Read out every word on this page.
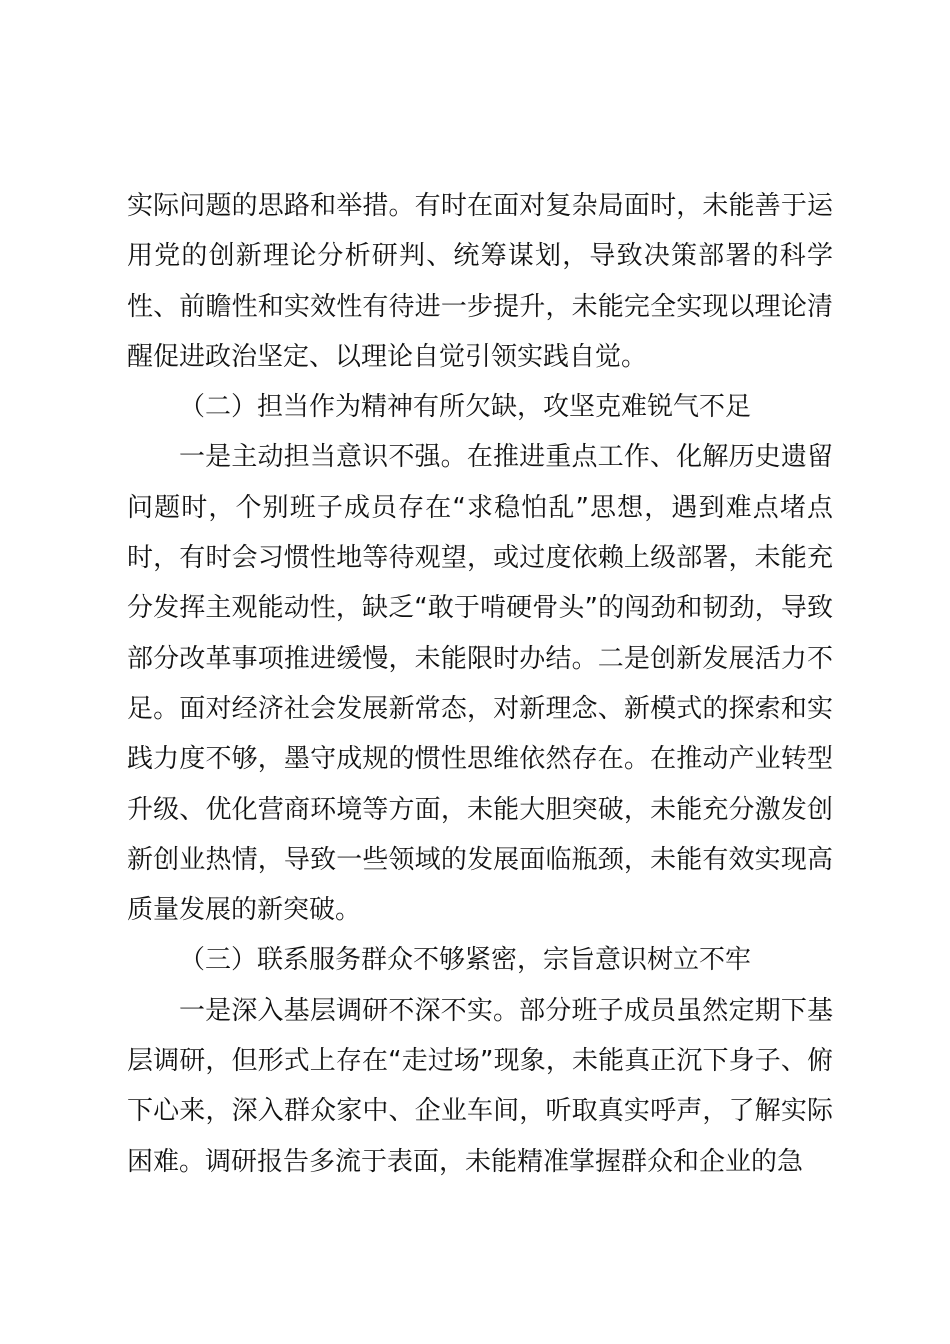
实际问题的思路和举措。有时在面对复杂局面时，未能善于运用党的创新理论分析研判、统筹谋划，导致决策部署的科学性、前瞻性和实效性有待进一步提升，未能完全实现以理论清醒促进政治坚定、以理论自觉引领实践自觉。

（二）担当作为精神有所欠缺，攻坚克难锐气不足

一是主动担当意识不强。在推进重点工作、化解历史遗留问题时，个别班子成员存在“求稳怕乱”思想，遇到难点堵点时，有时会习惯性地等待观望，或过度依赖上级部署，未能充分发挥主观能动性，缺乏“敢于啃硬骨头”的闯劲和韧劲，导致部分改革事项推进缓慢，未能限时办结。二是创新发展活力不足。面对经济社会发展新常态，对新理念、新模式的探索和实践力度不够，墨守成规的惯性思维依然存在。在推动产业转型升级、优化营商环境等方面，未能大胆突破，未能充分激发创新创业热情，导致一些领域的发展面临瓶颈，未能有效实现高质量发展的新突破。

（三）联系服务群众不够紧密，宗旨意识树立不牢

一是深入基层调研不深不实。部分班子成员虽然定期下基层调研，但形式上存在“走过场”现象，未能真正沉下身子、俯下心来，深入群众家中、企业车间，听取真实呼声，了解实际困难。调研报告多流于表面，未能精准掌握群众和企业的急
